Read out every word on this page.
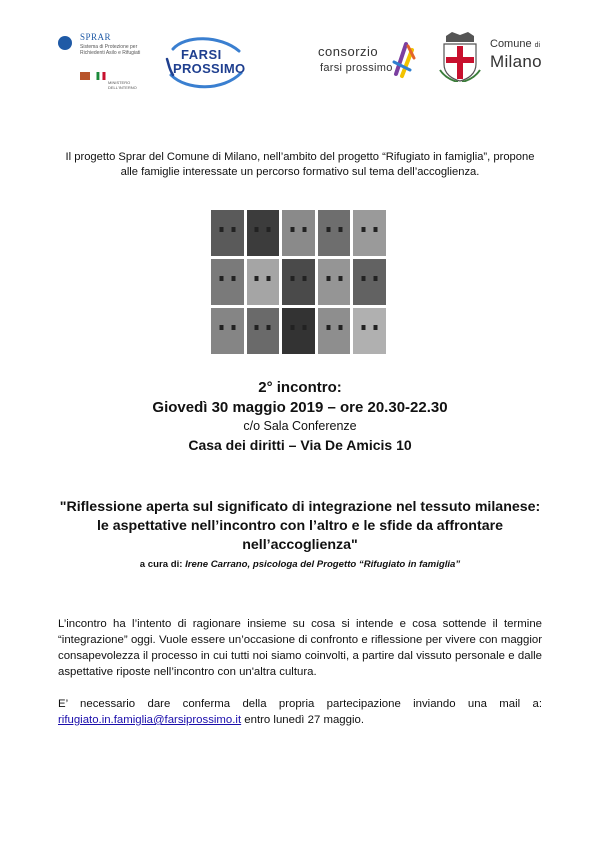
SPRAR
Sistema di Protezione per Richiedenti Asilo e Rifugiati
MINISTERO DELL'INTERNO
FARSI
PROSSIMO
consorzio
farsi prossimo
Comune di
Milano
Il progetto Sprar del Comune di Milano, nell’ambito del progetto “Rifugiato in famiglia”, propone
alle famiglie interessate un percorso formativo sul tema dell’accoglienza.
2° incontro:
Giovedì 30 maggio 2019 – ore 20.30-22.30
c/o Sala Conferenze
Casa dei diritti – Via De Amicis 10
"Riflessione aperta sul significato di integrazione nel tessuto milanese:
le aspettative nell’incontro con l’altro e le sfide da affrontare
nell’accoglienza"
a cura di: Irene Carrano, psicologa del Progetto “Rifugiato in famiglia”

L’incontro ha l’intento di ragionare insieme su cosa si intende e cosa sottende il termine “integrazione” oggi. Vuole essere un’occasione di confronto e riflessione per vivere con maggior consapevolezza il processo in cui tutti noi siamo coinvolti, a partire dal vissuto personale e dalle aspettative riposte nell’incontro con un'altra cultura.

E’ necessario dare conferma della propria partecipazione inviando una mail a: rifugiato.in.famiglia@farsiprossimo.it entro lunedì 27 maggio.
